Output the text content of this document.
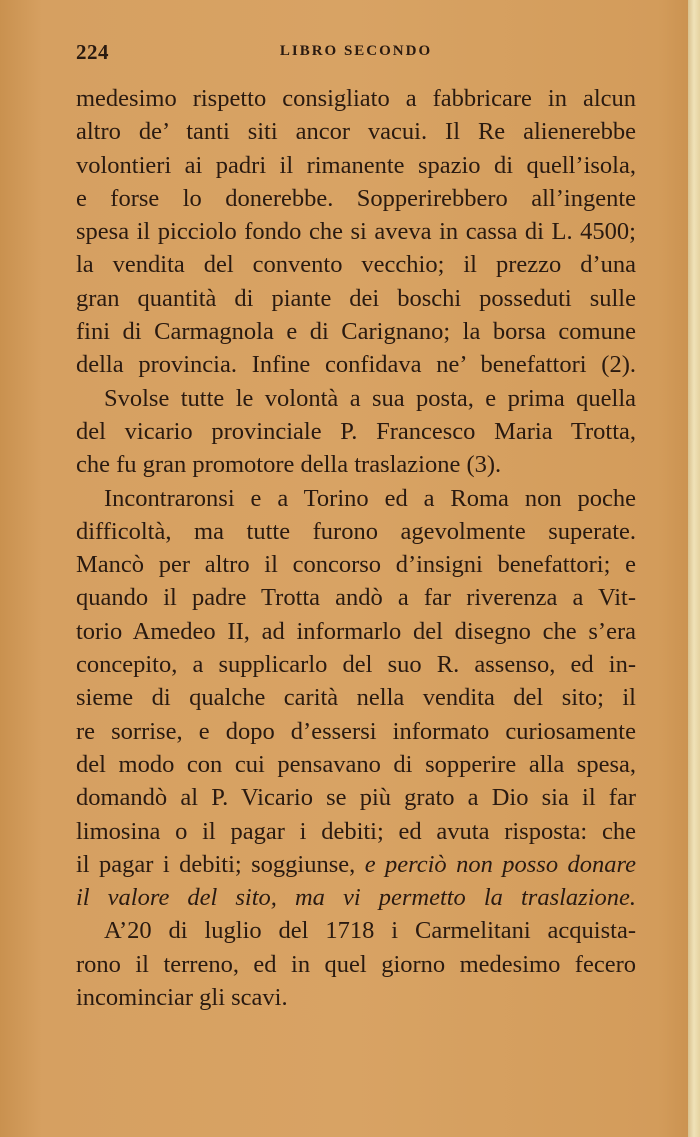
224	LIBRO SECONDO
medesimo rispetto consigliato a fabbricare in alcun
altro de’ tanti siti ancor vacui. Il Re alienerebbe
volontieri ai padri il rimanente spazio di quell’isola,
e forse lo donerebbe. Sopperirebbero all’ingente
spesa il picciolo fondo che si aveva in cassa di L. 4500;
la vendita del convento vecchio; il prezzo d’una
gran quantità di piante dei boschi posseduti sulle
fini di Carmagnola e di Carignano; la borsa comune
della provincia. Infine confidava ne’ benefattori (2).
Svolse tutte le volontà a sua posta, e prima quella
del vicario provinciale P. Francesco Maria Trotta,
che fu gran promotore della traslazione (3).
Incontraronsi e a Torino ed a Roma non poche
difficoltà, ma tutte furono agevolmente superate.
Mancò per altro il concorso d’insigni benefattori; e
quando il padre Trotta andò a far riverenza a Vit-
torio Amedeo II, ad informarlo del disegno che s’era
concepito, a supplicarlo del suo R. assenso, ed in-
sieme di qualche carità nella vendita del sito; il
re sorrise, e dopo d’essersi informato curiosamente
del modo con cui pensavano di sopperire alla spesa,
domandò al P. Vicario se più grato a Dio sia il far
limosina o il pagar i debiti; ed avuta risposta: che
il pagar i debiti; soggiunse, e perciò non posso donare
il valore del sito, ma vi permetto la traslazione.
A’20 di luglio del 1718 i Carmelitani acquista-
rono il terreno, ed in quel giorno medesimo fecero
incominciar gli scavi.
